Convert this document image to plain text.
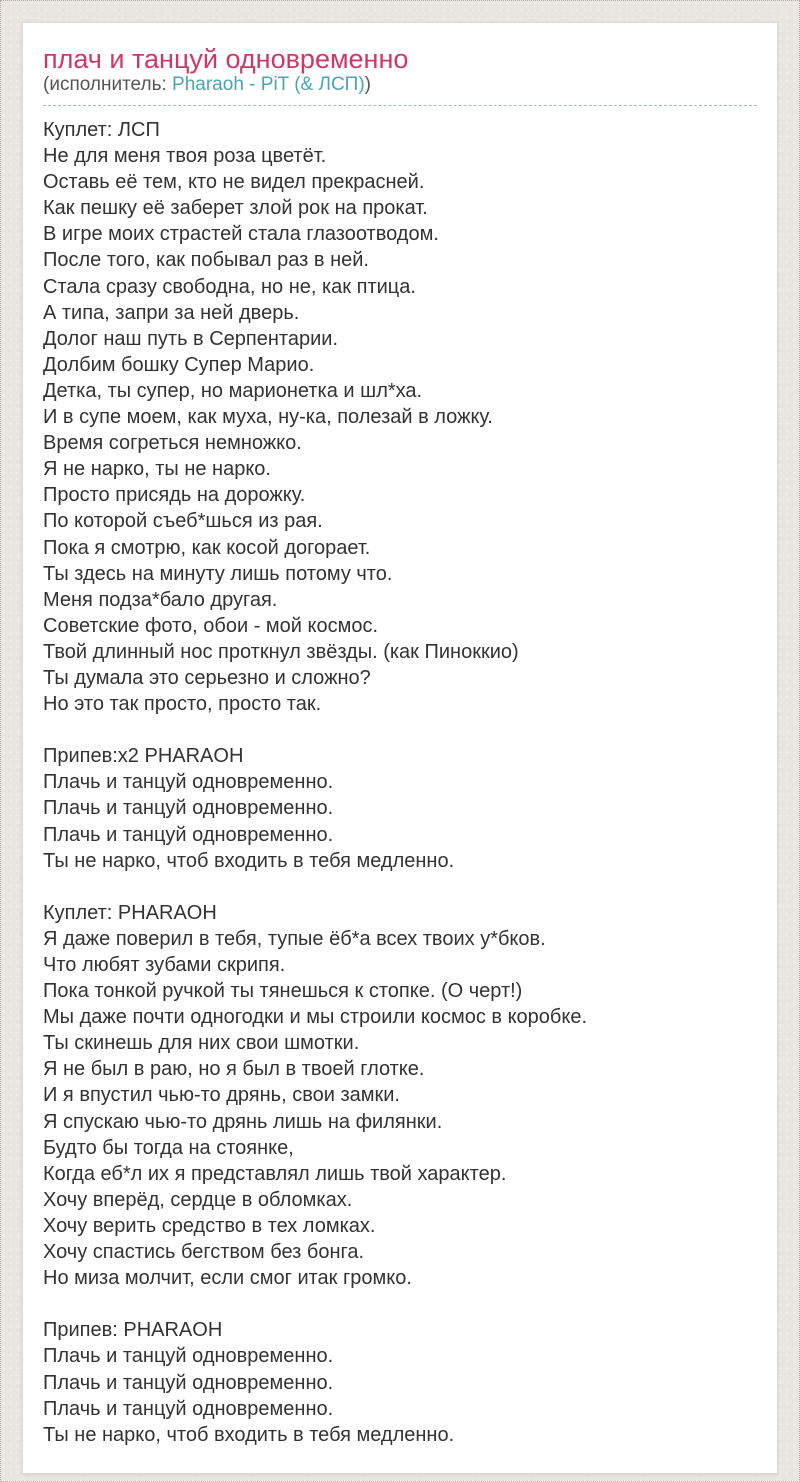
плач и танцуй одновременно

(исполнитель: Pharaoh - PiT (& ЛСП))

Куплет: ЛСП
Не для меня твоя роза цветёт.
Оставь её тем, кто не видел прекрасней.
Как пешку её заберет злой рок на прокат.
В игре моих страстей стала глазоотводом.
После того, как побывал раз в ней.
Стала сразу свободна, но не, как птица.
А типа, запри за ней дверь.
Долог наш путь в Серпентарии.
Долбим бошку Супер Марио.
Детка, ты супер, но марионетка и шл*ха.
И в супе моем, как муха, ну-ка, полезай в ложку.
Время согреться немножко.
Я не нарко, ты не нарко.
Просто присядь на дорожку.
По которой съеб*шься из рая.
Пока я смотрю, как косой догорает.
Ты здесь на минуту лишь потому что.
Меня подза*бало другая.
Советские фото, обои - мой космос.
Твой длинный нос проткнул звёзды. (как Пиноккио)
Ты думала это серьезно и сложно?
Но это так просто, просто так.

Припев:x2 PHARAOH
Плачь и танцуй одновременно.
Плачь и танцуй одновременно.
Плачь и танцуй одновременно.
Ты не нарко, чтоб входить в тебя медленно.

Куплет: PHARAOH
Я даже поверил в тебя, тупые ёб*а всех твоих у*бков.
Что любят зубами скрипя.
Пока тонкой ручкой ты тянешься к стопке. (О черт!)
Мы даже почти одногодки и мы строили космос в коробке.
Ты скинешь для них свои шмотки.
Я не был в раю, но я был в твоей глотке.
И я впустил чью-то дрянь, свои замки.
Я спускаю чью-то дрянь лишь на филянки.
Будто бы тогда на стоянке,
Когда еб*л их я представлял лишь твой характер.
Хочу вперёд, сердце в обломках.
Хочу верить средство в тех ломках.
Хочу спастись бегством без бонга.
Но миза молчит, если смог итак громко.

Припев: PHARAOH
Плачь и танцуй одновременно.
Плачь и танцуй одновременно.
Плачь и танцуй одновременно.
Ты не нарко, чтоб входить в тебя медленно.
